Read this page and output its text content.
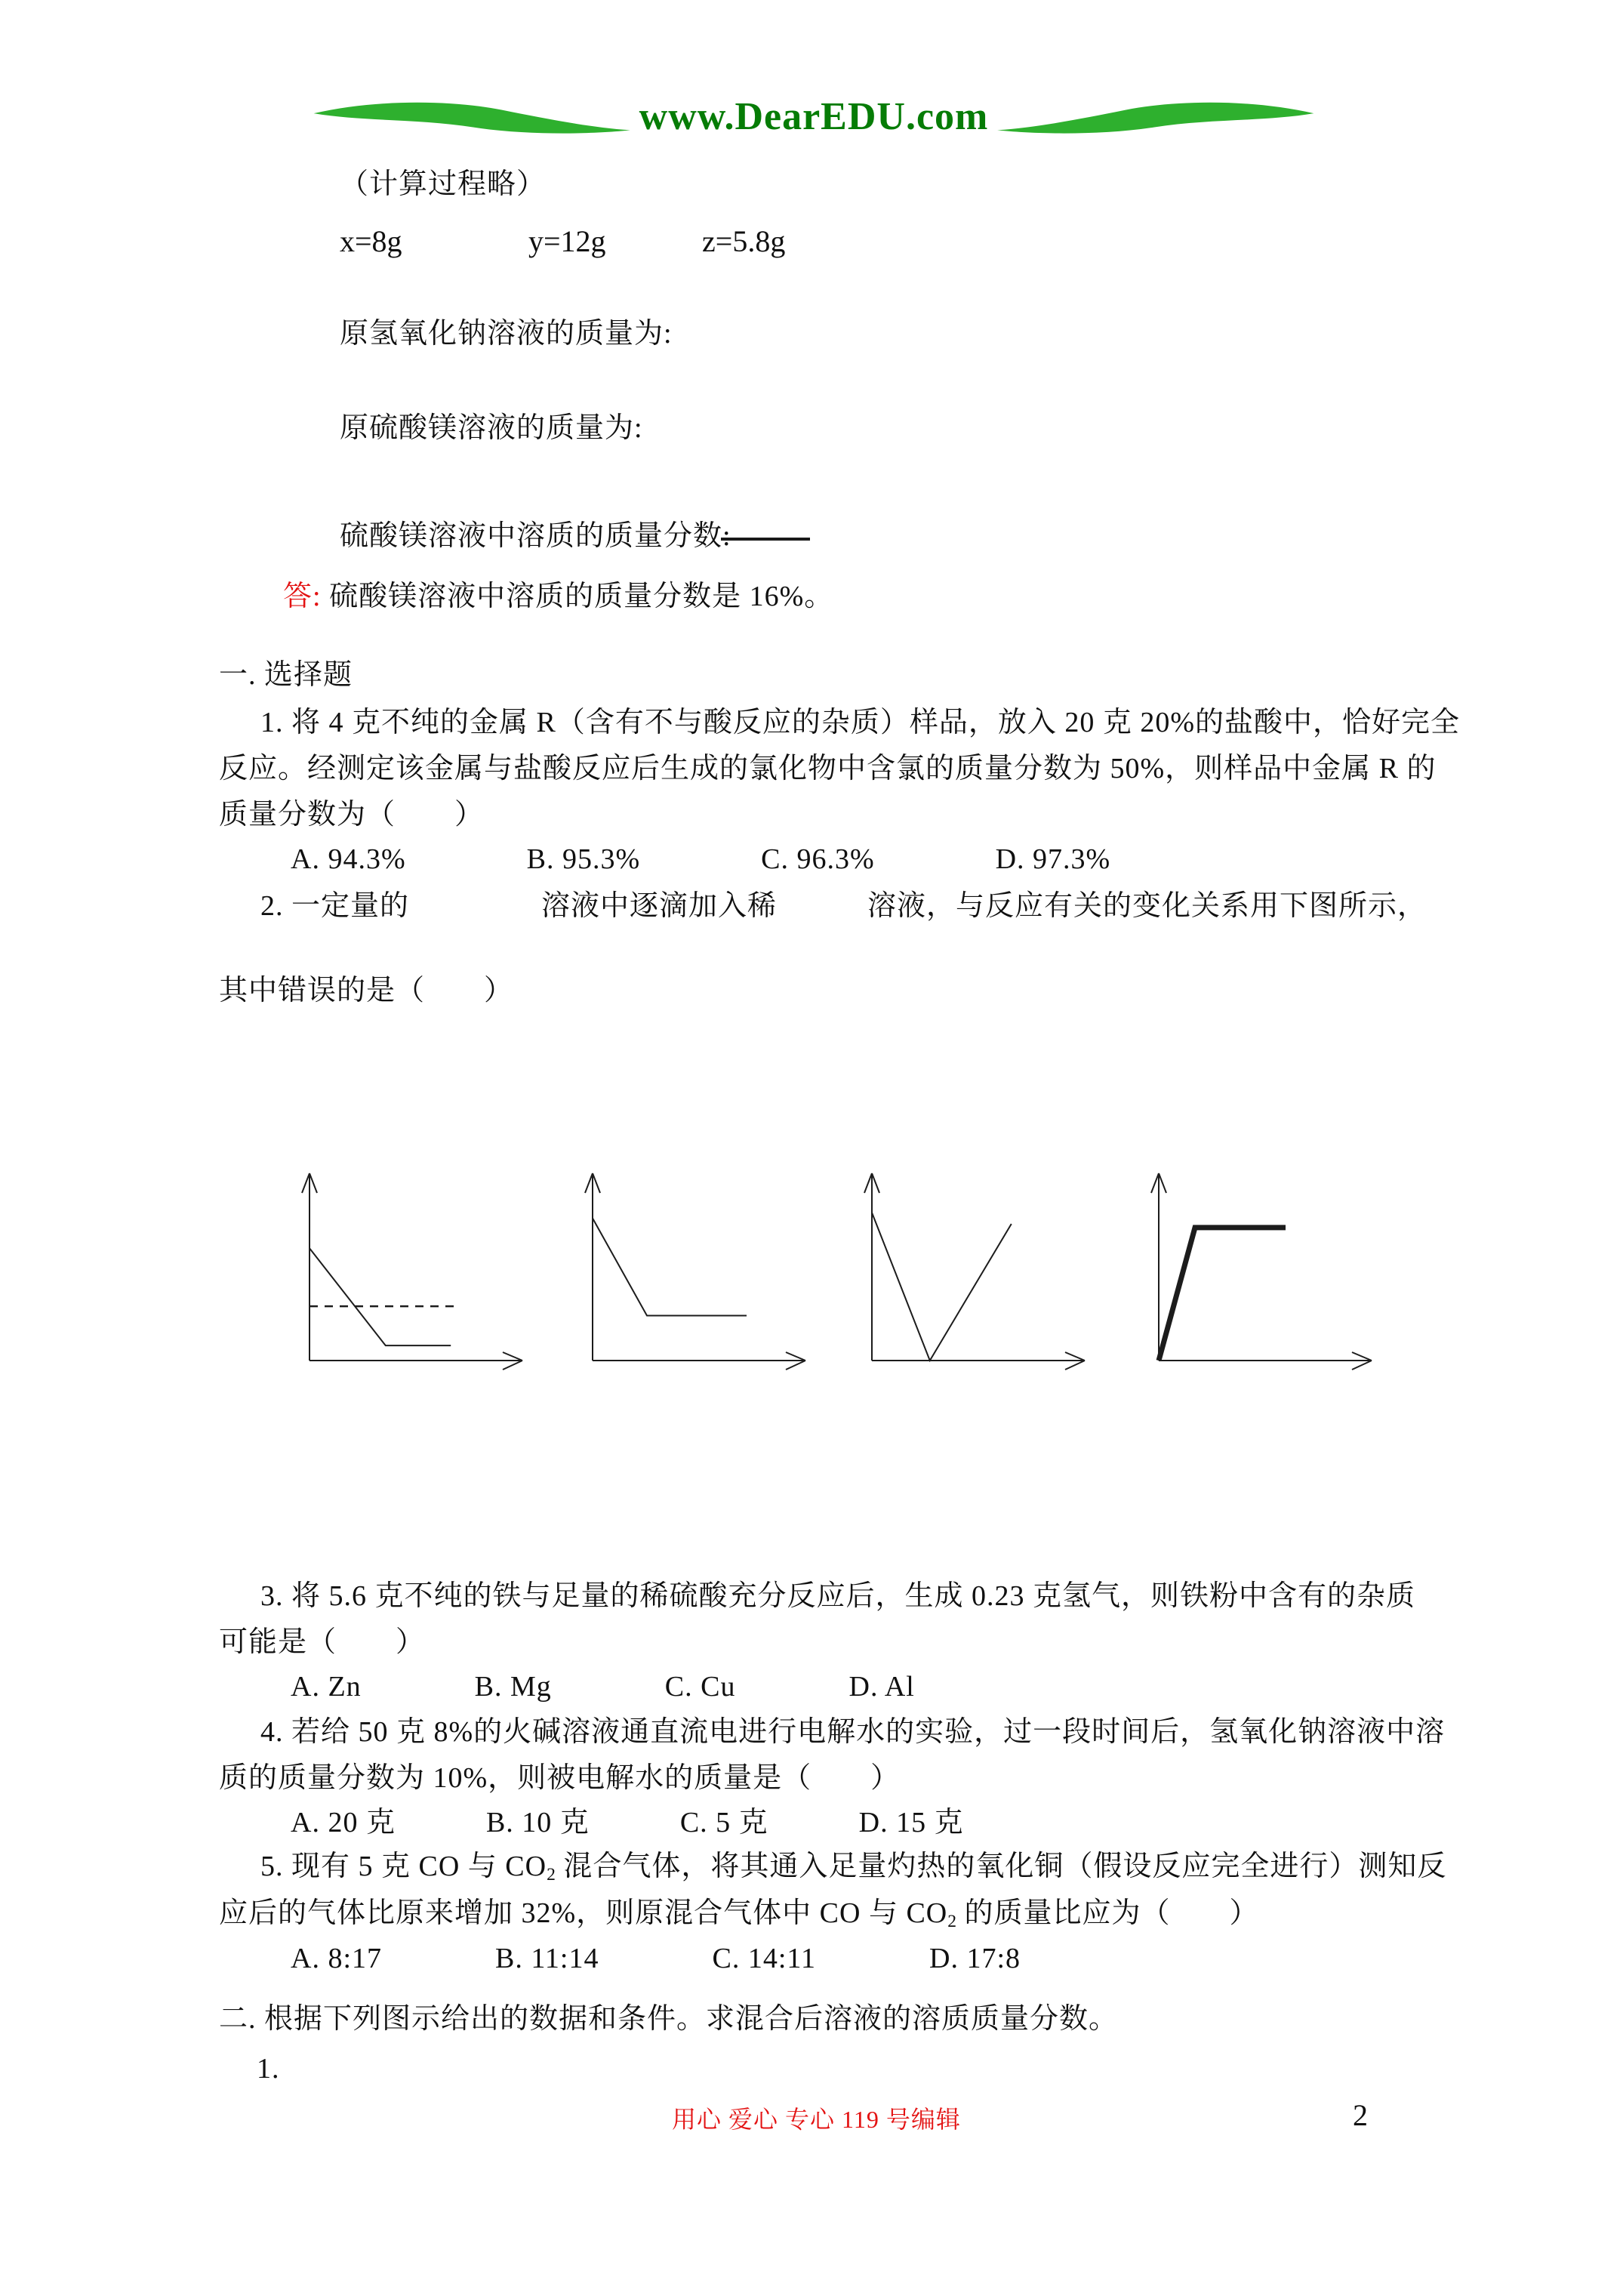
www.DearEDU.com
（计算过程略）
x=8g	y=12g	z=5.8g
原氢氧化钠溶液的质量为:
原硫酸镁溶液的质量为:
硫酸镁溶液中溶质的质量分数:
答: 硫酸镁溶液中溶质的质量分数是 16%。
一. 选择题
1. 将 4 克不纯的金属 R（含有不与酸反应的杂质）样品，放入 20 克 20%的盐酸中，恰好完全
反应。经测定该金属与盐酸反应后生成的氯化物中含氯的质量分数为 50%，则样品中金属 R 的
质量分数为（　　）
A. 94.3%	B. 95.3%	C. 96.3%	D. 97.3%
2. 一定量的	溶液中逐滴加入稀	溶液，与反应有关的变化关系用下图所示，
其中错误的是（　　）
3. 将 5.6 克不纯的铁与足量的稀硫酸充分反应后，生成 0.23 克氢气，则铁粉中含有的杂质
可能是（　　）
A. Zn	B. Mg	C. Cu	D. Al
4. 若给 50 克 8%的火碱溶液通直流电进行电解水的实验，过一段时间后，氢氧化钠溶液中溶
质的质量分数为 10%，则被电解水的质量是（　　）
A. 20 克	B. 10 克	C. 5 克	D. 15 克
5. 现有 5 克 CO 与 $CO_2$ 混合气体，将其通入足量灼热的氧化铜（假设反应完全进行）测知反
应后的气体比原来增加 32%，则原混合气体中 CO 与 $CO_2$ 的质量比应为（　　）
A. 8:17	B. 11:14	C. 14:11	D. 17:8
二. 根据下列图示给出的数据和条件。求混合后溶液的溶质质量分数。
1.
用心 爱心 专心 119 号编辑	2
